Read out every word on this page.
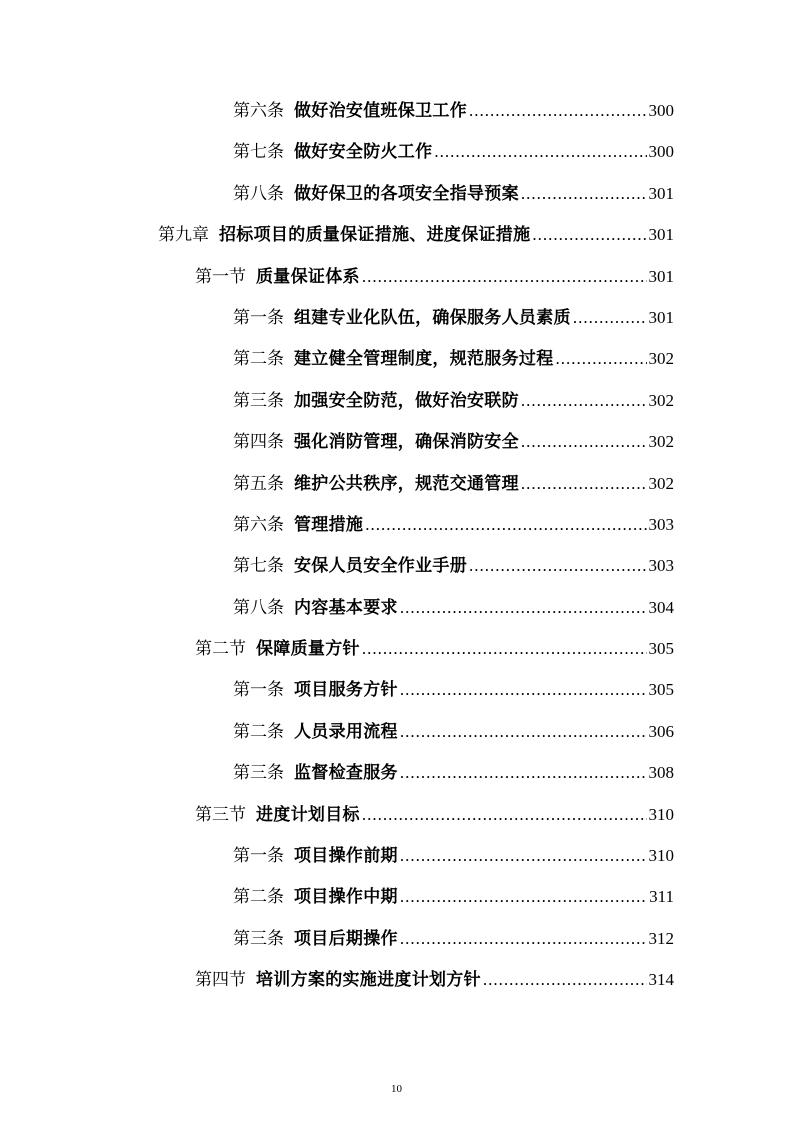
第六条 做好治安值班保卫工作 .....	300
第七条 做好安全防火工作 .....	300
第八条 做好保卫的各项安全指导预案 .....	301
第九章 招标项目的质量保证措施、进度保证措施 .....	301
第一节 质量保证体系 .....	301
第一条 组建专业化队伍，确保服务人员素质 .....	301
第二条 建立健全管理制度，规范服务过程 .....	302
第三条 加强安全防范，做好治安联防 .....	302
第四条 强化消防管理，确保消防安全 .....	302
第五条 维护公共秩序，规范交通管理 .....	302
第六条 管理措施 .....	303
第七条 安保人员安全作业手册 .....	303
第八条 内容基本要求 .....	304
第二节 保障质量方针 .....	305
第一条 项目服务方针 .....	305
第二条 人员录用流程 .....	306
第三条 监督检查服务 .....	308
第三节 进度计划目标 .....	310
第一条 项目操作前期 .....	310
第二条 项目操作中期 .....	311
第三条 项目后期操作 .....	312
第四节 培训方案的实施进度计划方针 .....	314
10
